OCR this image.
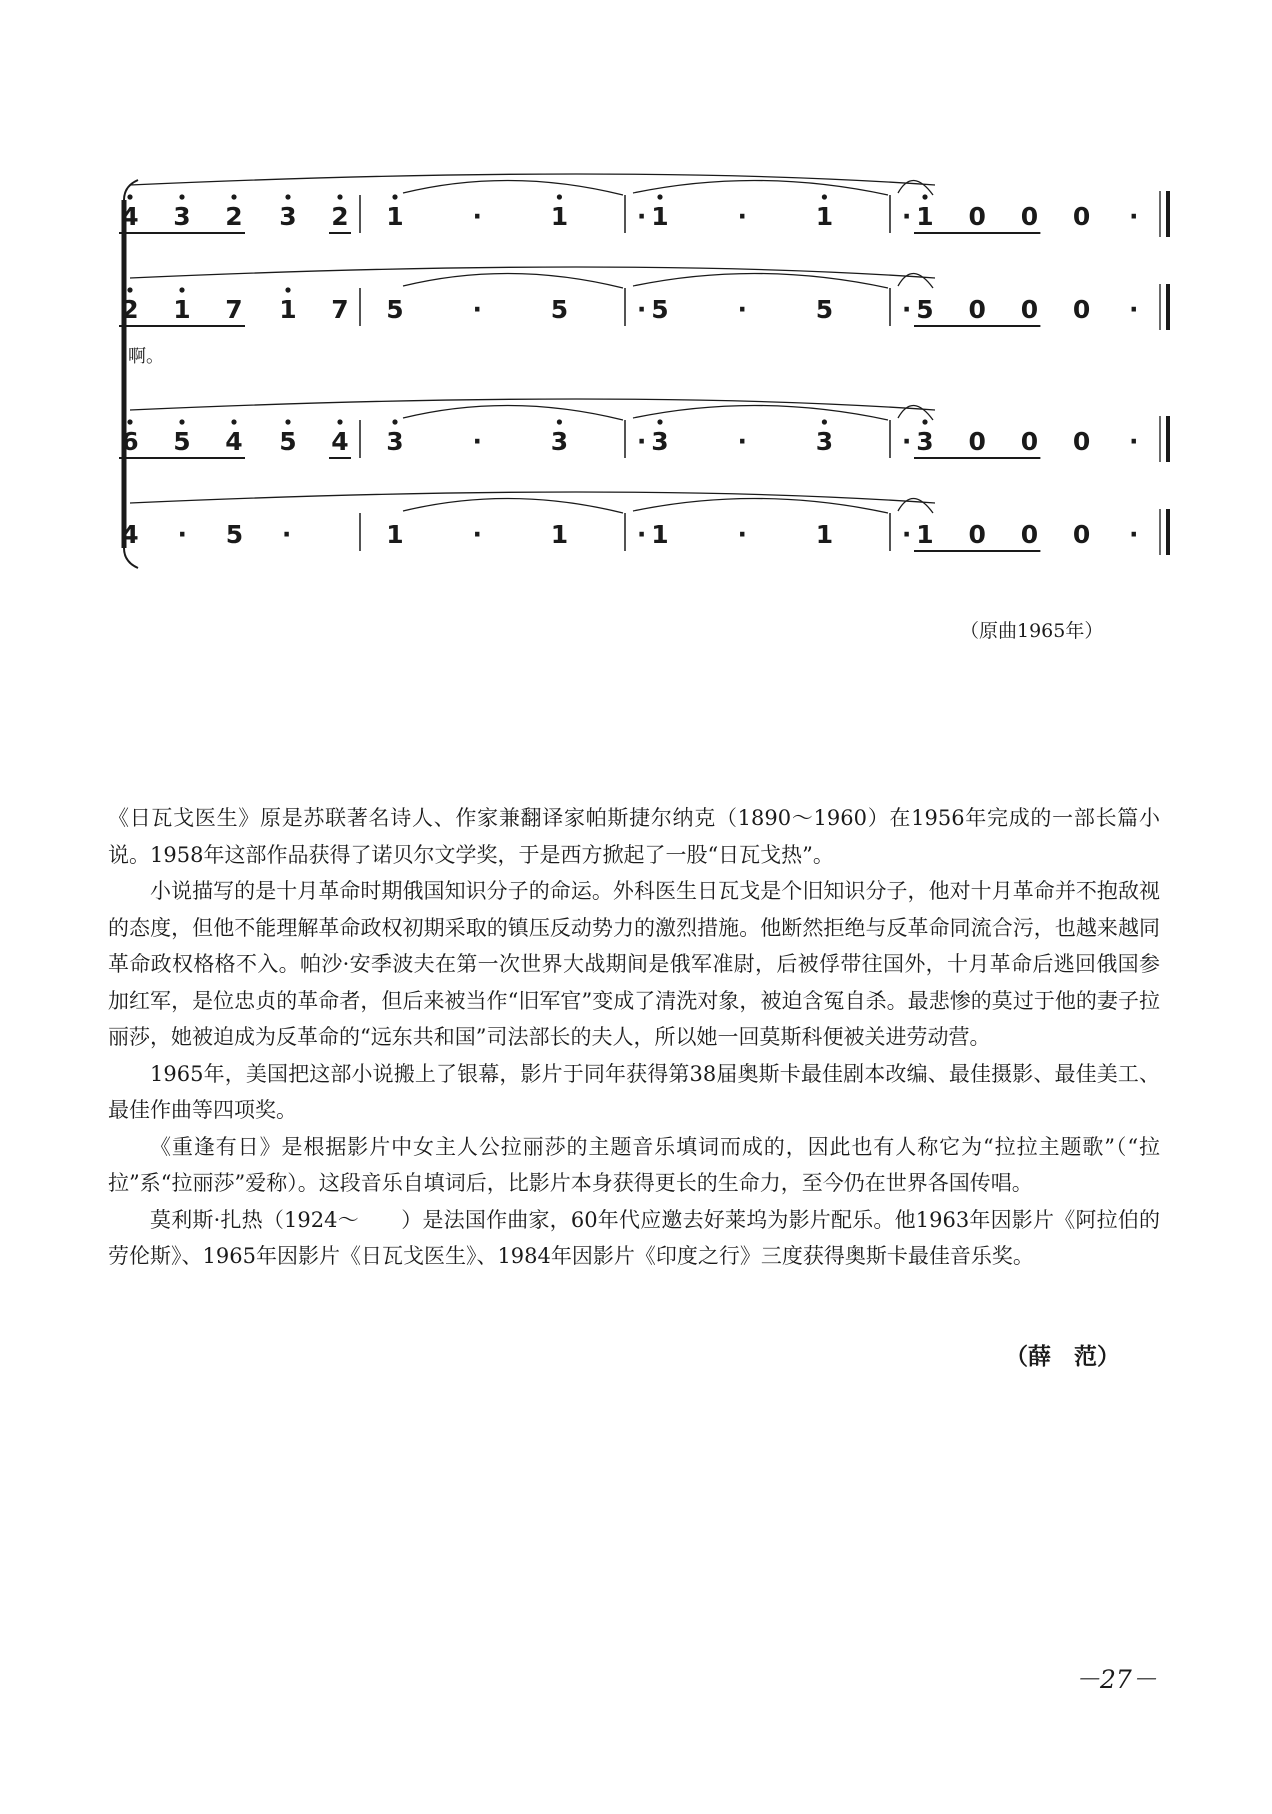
4 3 2 3 2 1	·	1	· 1	·	1	· 1 0 0 0 ·
2 1 7 1 7 5	·	5	· 5	·	5	· 5 0 0 0 ·
6 5 4 5 4 3	·	3	· 3	·	3	· 3 0 0 0 ·
4 · 5 ·	1	·	1	· 1	·	1	· 1 0 0 0 ·
啊。
（原曲1965年）

《日瓦戈医生》原是苏联著名诗人、作家兼翻译家帕斯捷尔纳克（1890～1960）在1956年完成的一部长篇小说。1958年这部作品获得了诺贝尔文学奖，于是西方掀起了一股“日瓦戈热”。

小说描写的是十月革命时期俄国知识分子的命运。外科医生日瓦戈是个旧知识分子，他对十月革命并不抱敌视的态度，但他不能理解革命政权初期采取的镇压反动势力的激烈措施。他断然拒绝与反革命同流合污，也越来越同革命政权格格不入。帕沙·安季波夫在第一次世界大战期间是俄军准尉，后被俘带往国外，十月革命后逃回俄国参加红军，是位忠贞的革命者，但后来被当作“旧军官”变成了清洗对象，被迫含冤自杀。最悲惨的莫过于他的妻子拉丽莎，她被迫成为反革命的“远东共和国”司法部长的夫人，所以她一回莫斯科便被关进劳动营。

1965年，美国把这部小说搬上了银幕，影片于同年获得第38届奥斯卡最佳剧本改编、最佳摄影、最佳美工、最佳作曲等四项奖。

《重逢有日》是根据影片中女主人公拉丽莎的主题音乐填词而成的，因此也有人称它为“拉拉主题歌”（“拉拉”系“拉丽莎”爱称）。这段音乐自填词后，比影片本身获得更长的生命力，至今仍在世界各国传唱。

莫利斯·扎热（1924～　　）是法国作曲家，60年代应邀去好莱坞为影片配乐。他1963年因影片《阿拉伯的劳伦斯》、1965年因影片《日瓦戈医生》、1984年因影片《印度之行》三度获得奥斯卡最佳音乐奖。

（薛　范）
－27－
